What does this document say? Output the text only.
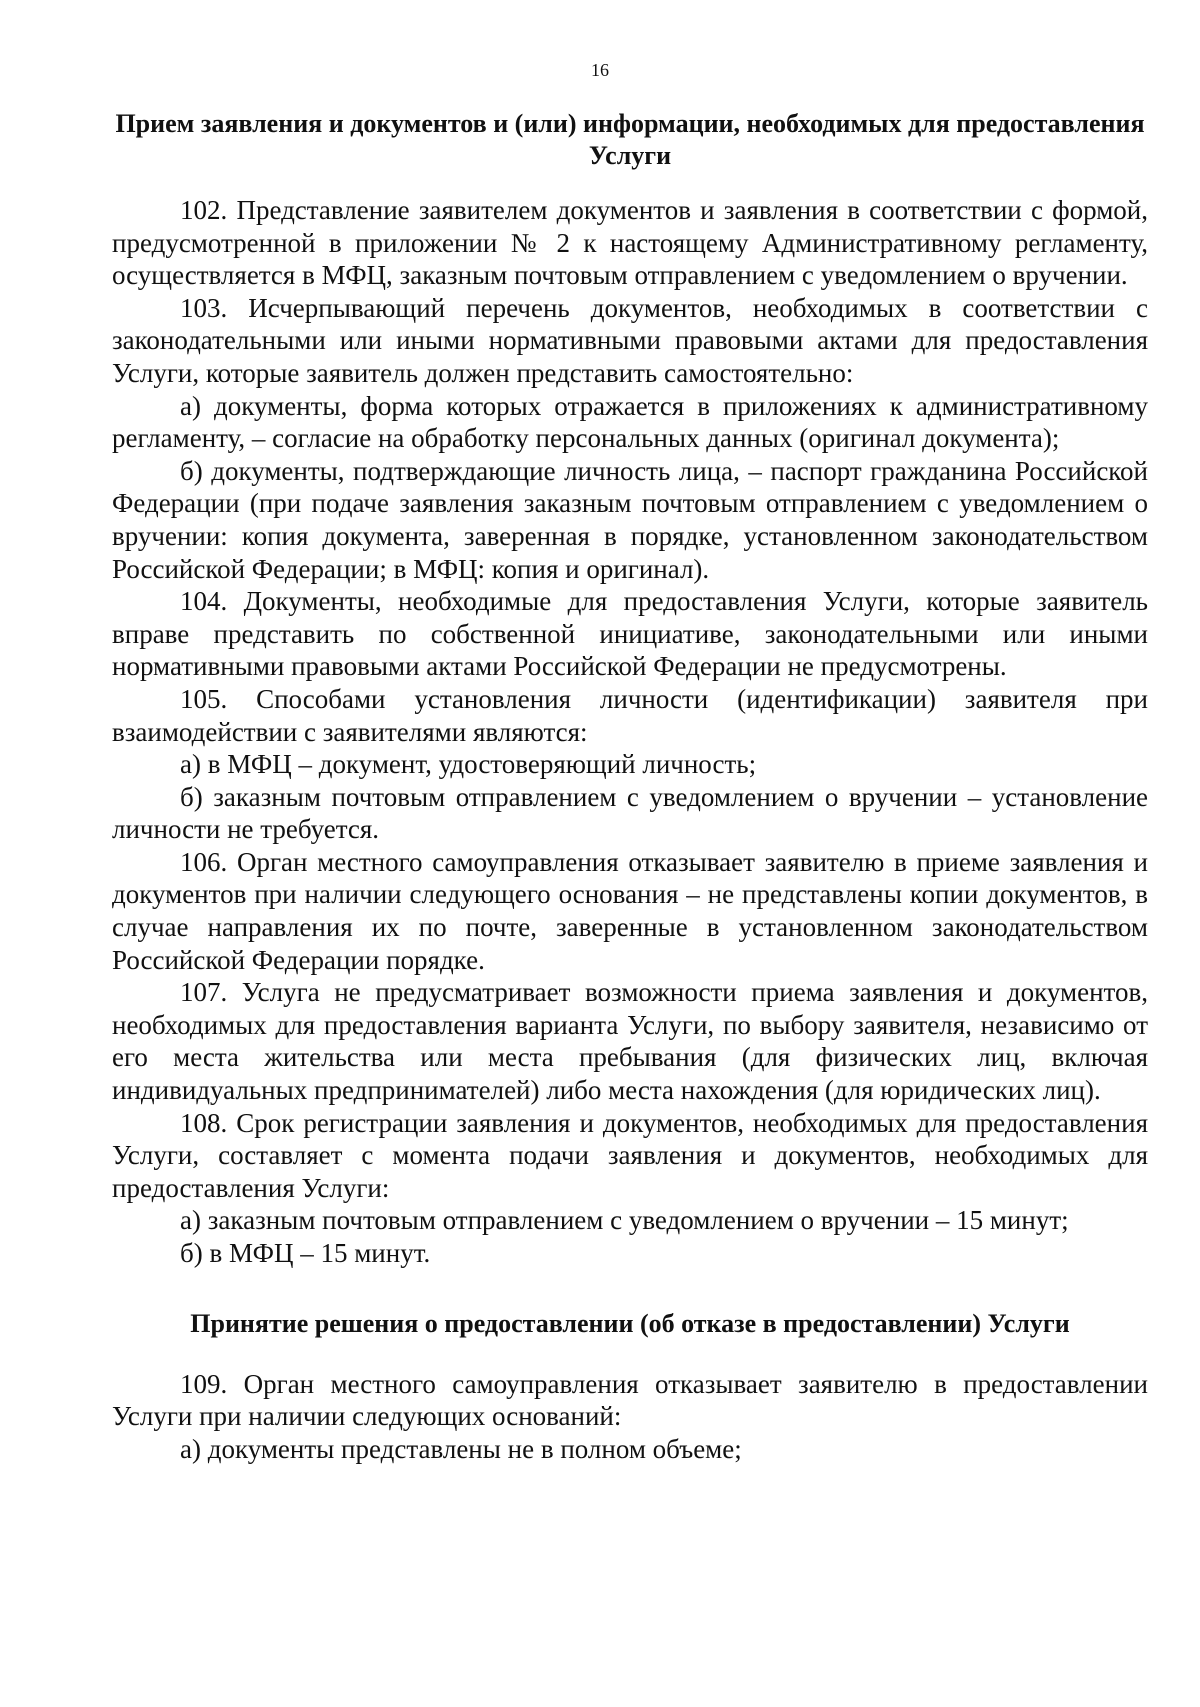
16
Прием заявления и документов и (или) информации, необходимых для предоставления Услуги

102. Представление заявителем документов и заявления в соответствии с формой, предусмотренной в приложении № 2 к настоящему Административному регламенту, осуществляется в МФЦ, заказным почтовым отправлением с уведомлением о вручении.

103. Исчерпывающий перечень документов, необходимых в соответствии с законодательными или иными нормативными правовыми актами для предоставления Услуги, которые заявитель должен представить самостоятельно:

а) документы, форма которых отражается в приложениях к административному регламенту, – согласие на обработку персональных данных (оригинал документа);

б) документы, подтверждающие личность лица, – паспорт гражданина Российской Федерации (при подаче заявления заказным почтовым отправлением с уведомлением о вручении: копия документа, заверенная в порядке, установленном законодательством Российской Федерации; в МФЦ: копия и оригинал).

104. Документы, необходимые для предоставления Услуги, которые заявитель вправе представить по собственной инициативе, законодательными или иными нормативными правовыми актами Российской Федерации не предусмотрены.

105. Способами установления личности (идентификации) заявителя при взаимодействии с заявителями являются:

а) в МФЦ – документ, удостоверяющий личность;

б) заказным почтовым отправлением с уведомлением о вручении – установление личности не требуется.

106. Орган местного самоуправления отказывает заявителю в приеме заявления и документов при наличии следующего основания – не представлены копии документов, в случае направления их по почте, заверенные в установленном законодательством Российской Федерации порядке.

107. Услуга не предусматривает возможности приема заявления и документов, необходимых для предоставления варианта Услуги, по выбору заявителя, независимо от его места жительства или места пребывания (для физических лиц, включая индивидуальных предпринимателей) либо места нахождения (для юридических лиц).

108. Срок регистрации заявления и документов, необходимых для предоставления Услуги, составляет с момента подачи заявления и документов, необходимых для предоставления Услуги:

а) заказным почтовым отправлением с уведомлением о вручении – 15 минут;

б) в МФЦ – 15 минут.

Принятие решения о предоставлении (об отказе в предоставлении) Услуги

109. Орган местного самоуправления отказывает заявителю в предоставлении Услуги при наличии следующих оснований:

а) документы представлены не в полном объеме;
